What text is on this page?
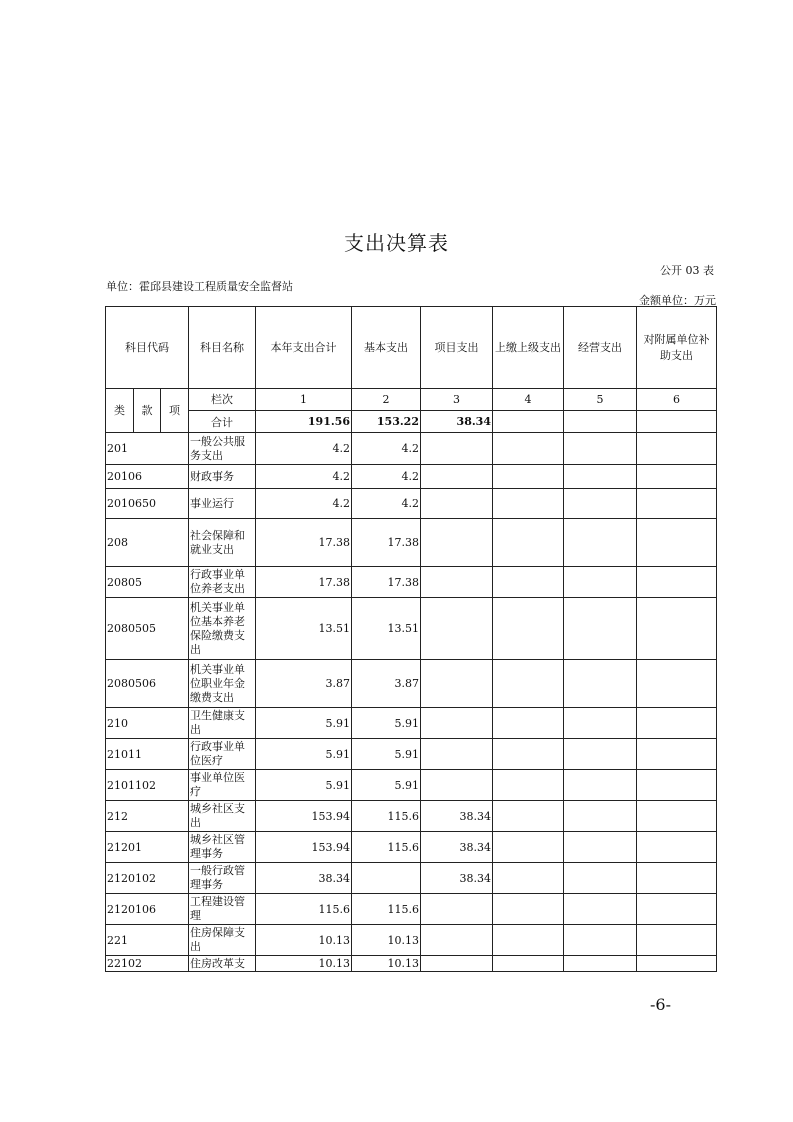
支出决算表
公开 03 表
单位：霍邱县建设工程质量安全监督站
金额单位：万元
科目代码			科目名称	本年支出合计	基本支出	项目支出	上缴上级支出	经营支出	对附属单位补助支出
类	款	项	栏次	1	2	3	4	5	6
			合计	191.56	153.22	38.34			
201			一般公共服务支出	4.2	4.2				
20106			财政事务	4.2	4.2				
2010650			事业运行	4.2	4.2				
208			社会保障和就业支出	17.38	17.38				
20805			行政事业单位养老支出	17.38	17.38				
2080505			机关事业单位基本养老保险缴费支出	13.51	13.51				
2080506			机关事业单位职业年金缴费支出	3.87	3.87				
210			卫生健康支出	5.91	5.91				
21011			行政事业单位医疗	5.91	5.91				
2101102			事业单位医疗	5.91	5.91				
212			城乡社区支出	153.94	115.6	38.34			
21201			城乡社区管理事务	153.94	115.6	38.34			
2120102			一般行政管理事务	38.34		38.34			
2120106			工程建设管理	115.6	115.6				
221			住房保障支出	10.13	10.13				
22102			住房改革支	10.13	10.13				
-6-
